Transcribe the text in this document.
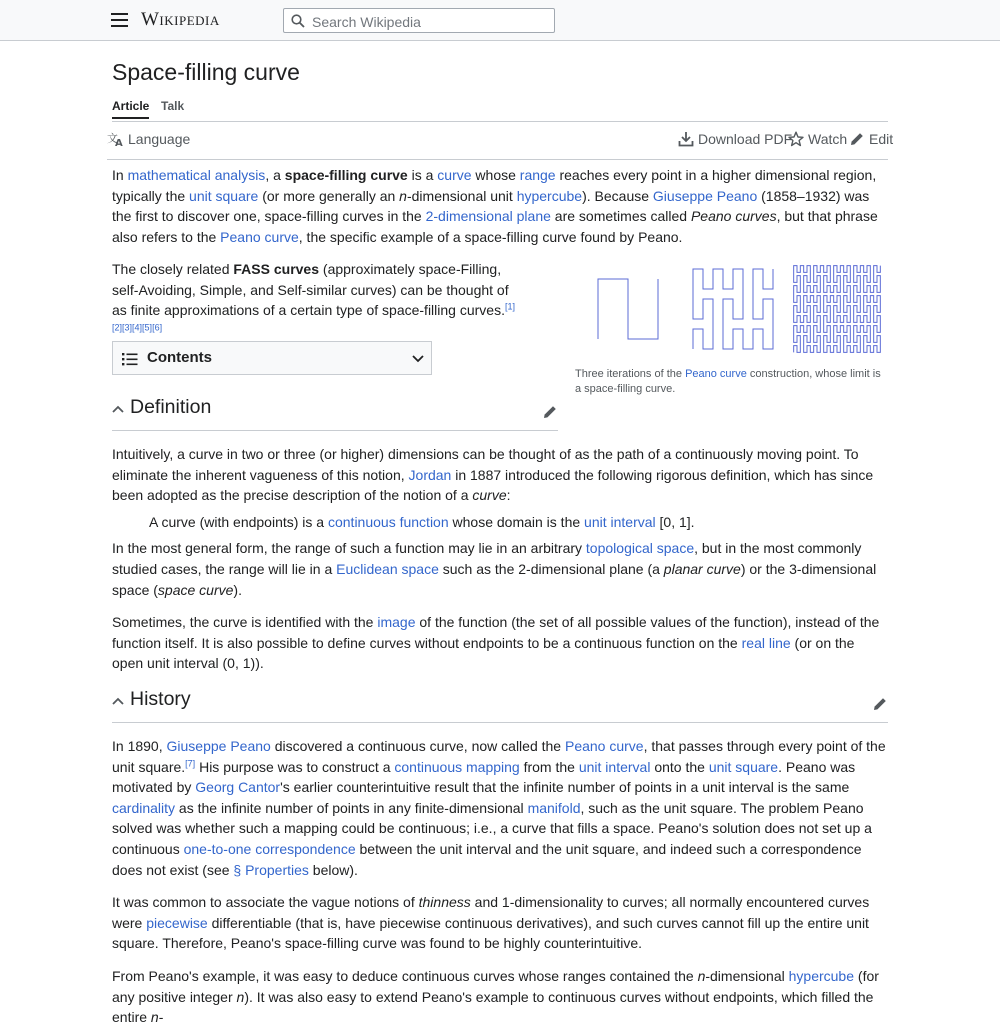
Wikipedia
Search Wikipedia
Space-filling curve
Article Talk
文
A Language	Download PDF Watch Edit

In mathematical analysis, a space-filling curve is a curve whose range reaches every point in a higher dimensional region, typically the unit square (or more generally an n-dimensional unit hypercube). Because Giuseppe Peano (1858–1932) was the first to discover one, space-filling curves in the 2-dimensional plane are sometimes called Peano curves, but that phrase also refers to the Peano curve, the specific example of a space-filling curve found by Peano.

The closely related FASS curves (approximately space-Filling, self-Avoiding, Simple, and Self-similar curves) can be thought of as finite approximations of a certain type of space-filling curves.[1][2][3][4][5][6]
Three iterations of the Peano curve construction, whose limit is a space-filling curve.
Contents
Definition

Intuitively, a curve in two or three (or higher) dimensions can be thought of as the path of a continuously moving point. To eliminate the inherent vagueness of this notion, Jordan in 1887 introduced the following rigorous definition, which has since been adopted as the precise description of the notion of a curve:

A curve (with endpoints) is a continuous function whose domain is the unit interval [0, 1].

In the most general form, the range of such a function may lie in an arbitrary topological space, but in the most commonly studied cases, the range will lie in a Euclidean space such as the 2-dimensional plane (a planar curve) or the 3-dimensional space (space curve).

Sometimes, the curve is identified with the image of the function (the set of all possible values of the function), instead of the function itself. It is also possible to define curves without endpoints to be a continuous function on the real line (or on the open unit interval (0, 1)).

History

In 1890, Giuseppe Peano discovered a continuous curve, now called the Peano curve, that passes through every point of the unit square.[7] His purpose was to construct a continuous mapping from the unit interval onto the unit square. Peano was motivated by Georg Cantor's earlier counterintuitive result that the infinite number of points in a unit interval is the same cardinality as the infinite number of points in any finite-dimensional manifold, such as the unit square. The problem Peano solved was whether such a mapping could be continuous; i.e., a curve that fills a space. Peano's solution does not set up a continuous one-to-one correspondence between the unit interval and the unit square, and indeed such a correspondence does not exist (see § Properties below).

It was common to associate the vague notions of thinness and 1-dimensionality to curves; all normally encountered curves were piecewise differentiable (that is, have piecewise continuous derivatives), and such curves cannot fill up the entire unit square. Therefore, Peano's space-filling curve was found to be highly counterintuitive.

From Peano's example, it was easy to deduce continuous curves whose ranges contained the n-dimensional hypercube (for any positive integer n). It was also easy to extend Peano's example to continuous curves without endpoints, which filled the entire n-
